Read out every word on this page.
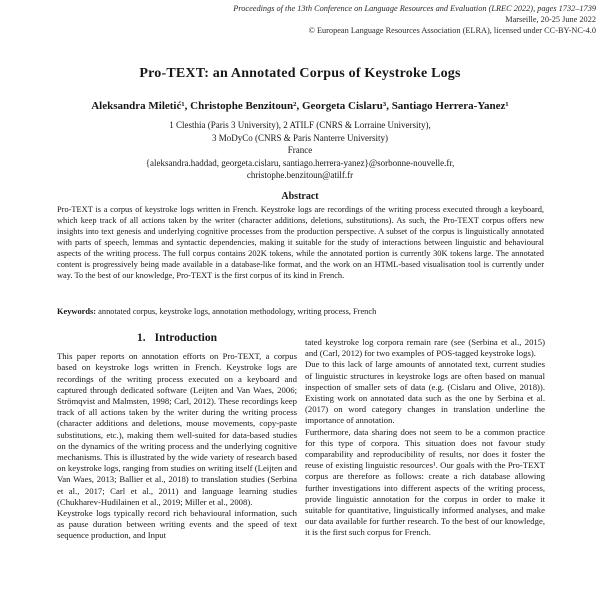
Proceedings of the 13th Conference on Language Resources and Evaluation (LREC 2022), pages 1732–1739
Marseille, 20-25 June 2022
© European Language Resources Association (ELRA), licensed under CC-BY-NC-4.0
Pro-TEXT: an Annotated Corpus of Keystroke Logs
Aleksandra Miletić¹, Christophe Benzitoun², Georgeta Cislaru³, Santiago Herrera-Yanez¹
1 Clesthia (Paris 3 University), 2 ATILF (CNRS & Lorraine University),
3 MoDyCo (CNRS & Paris Nanterre University)
France
{aleksandra.haddad, georgeta.cislaru, santiago.herrera-yanez}@sorbonne-nouvelle.fr,
christophe.benzitoun@atilf.fr
Abstract
Pro-TEXT is a corpus of keystroke logs written in French. Keystroke logs are recordings of the writing process executed through a keyboard, which keep track of all actions taken by the writer (character additions, deletions, substitutions). As such, the Pro-TEXT corpus offers new insights into text genesis and underlying cognitive processes from the production perspective. A subset of the corpus is linguistically annotated with parts of speech, lemmas and syntactic dependencies, making it suitable for the study of interactions between linguistic and behavioural aspects of the writing process. The full corpus contains 202K tokens, while the annotated portion is currently 30K tokens large. The annotated content is progressively being made available in a database-like format, and the work on an HTML-based visualisation tool is currently under way. To the best of our knowledge, Pro-TEXT is the first corpus of its kind in French.
Keywords: annotated corpus, keystroke logs, annotation methodology, writing process, French
1. Introduction

This paper reports on annotation efforts on Pro-TEXT, a corpus based on keystroke logs written in French. Keystroke logs are recordings of the writing process executed on a keyboard and captured through dedicated software (Leijten and Van Waes, 2006; Strömqvist and Malmsten, 1998; Carl, 2012). These recordings keep track of all actions taken by the writer during the writing process (character additions and deletions, mouse movements, copy-paste substitutions, etc.), making them well-suited for data-based studies on the dynamics of the writing process and the underlying cognitive mechanisms. This is illustrated by the wide variety of research based on keystroke logs, ranging from studies on writing itself (Leijten and Van Waes, 2013; Ballier et al., 2018) to translation studies (Serbina et al., 2017; Carl et al., 2011) and language learning studies (Chukharev-Hudilainen et al., 2019; Miller et al., 2008).

Keystroke logs typically record rich behavioural information, such as pause duration between writing events and the speed of text sequence production, and Input

tated keystroke log corpora remain rare (see (Serbina et al., 2015) and (Carl, 2012) for two examples of POS-tagged keystroke logs).

Due to this lack of large amounts of annotated text, current studies of linguistic structures in keystroke logs are often based on manual inspection of smaller sets of data (e.g. (Cislaru and Olive, 2018)). Existing work on annotated data such as the one by Serbina et al. (2017) on word category changes in translation underline the importance of annotation.

Furthermore, data sharing does not seem to be a common practice for this type of corpora. This situation does not favour study comparability and reproducibility of results, nor does it foster the reuse of existing linguistic resources¹. Our goals with the Pro-TEXT corpus are therefore as follows: create a rich database allowing further investigations into different aspects of the writing process, provide linguistic annotation for the corpus in order to make it suitable for quantitative, linguistically informed analyses, and make our data available for further research. To the best of our knowledge, it is the first such corpus for French.
